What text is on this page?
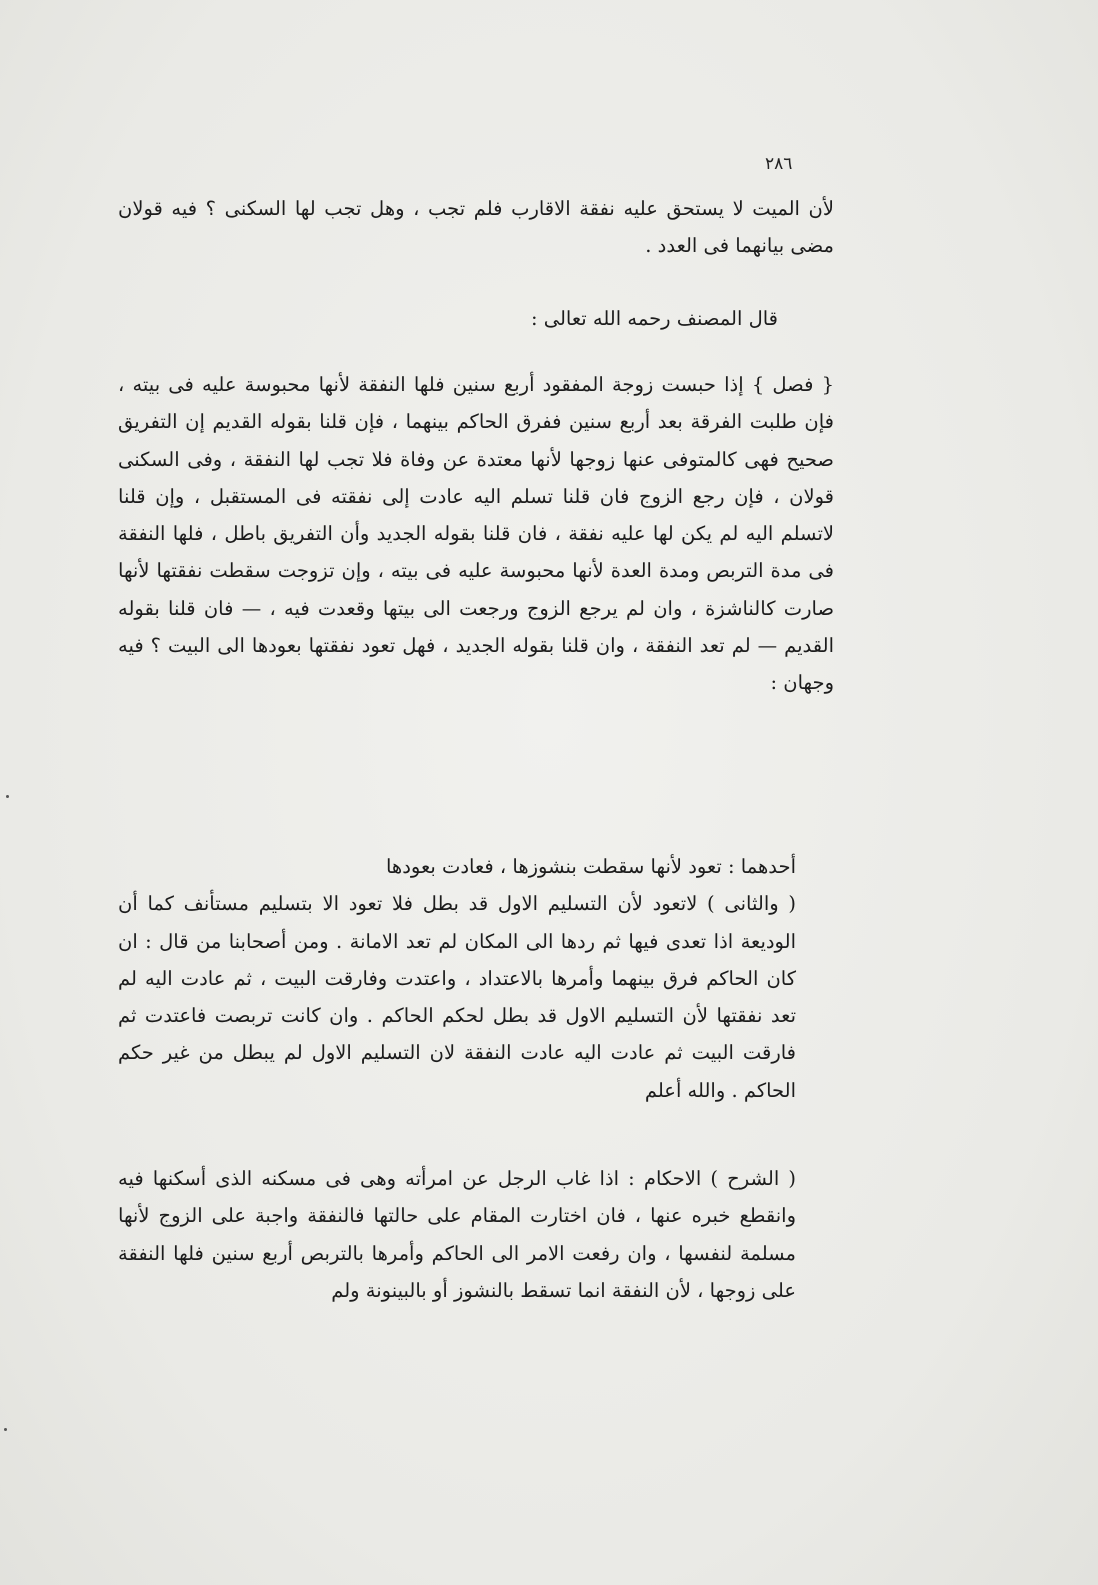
٢٨٦

لأن الميت لا يستحق عليه نفقة الاقارب فلم تجب ، وهل تجب لها السكنى ؟ فيه قولان مضى بيانهما فى العدد .

قال المصنف رحمه الله تعالى :

{ فصل } إذا حبست زوجة المفقود أربع سنين فلها النفقة لأنها محبوسة عليه فى بيته ، فإن طلبت الفرقة بعد أربع سنين ففرق الحاكم بينهما ، فإن قلنا بقوله القديم إن التفريق صحيح فهى كالمتوفى عنها زوجها لأنها معتدة عن وفاة فلا تجب لها النفقة ، وفى السكنى قولان ، فإن رجع الزوج فان قلنا تسلم اليه عادت إلى نفقته فى المستقبل ، وإن قلنا لاتسلم اليه لم يكن لها عليه نفقة ، فان قلنا بقوله الجديد وأن التفريق باطل ، فلها النفقة فى مدة التربص ومدة العدة لأنها محبوسة عليه فى بيته ، وإن تزوجت سقطت نفقتها لأنها صارت كالناشزة ، وان لم يرجع الزوج ورجعت الى بيتها وقعدت فيه ، — فان قلنا بقوله القديم — لم تعد النفقة ، وان قلنا بقوله الجديد ، فهل تعود نفقتها بعودها الى البيت ؟ فيه وجهان :

أحدهما : تعود لأنها سقطت بنشوزها ، فعادت بعودها

( والثانى ) لاتعود لأن التسليم الاول قد بطل فلا تعود الا بتسليم مستأنف كما أن الوديعة اذا تعدى فيها ثم ردها الى المكان لم تعد الامانة . ومن أصحابنا من قال : ان كان الحاكم فرق بينهما وأمرها بالاعتداد ، واعتدت وفارقت البيت ، ثم عادت اليه لم تعد نفقتها لأن التسليم الاول قد بطل لحكم الحاكم . وان كانت تربصت فاعتدت ثم فارقت البيت ثم عادت اليه عادت النفقة لان التسليم الاول لم يبطل من غير حكم الحاكم . والله أعلم

( الشرح ) الاحكام : اذا غاب الرجل عن امرأته وهى فى مسكنه الذى أسكنها فيه وانقطع خبره عنها ، فان اختارت المقام على حالتها فالنفقة واجبة على الزوج لأنها مسلمة لنفسها ، وان رفعت الامر الى الحاكم وأمرها بالتربص أربع سنين فلها النفقة على زوجها ، لأن النفقة انما تسقط بالنشوز أو بالبينونة ولم
